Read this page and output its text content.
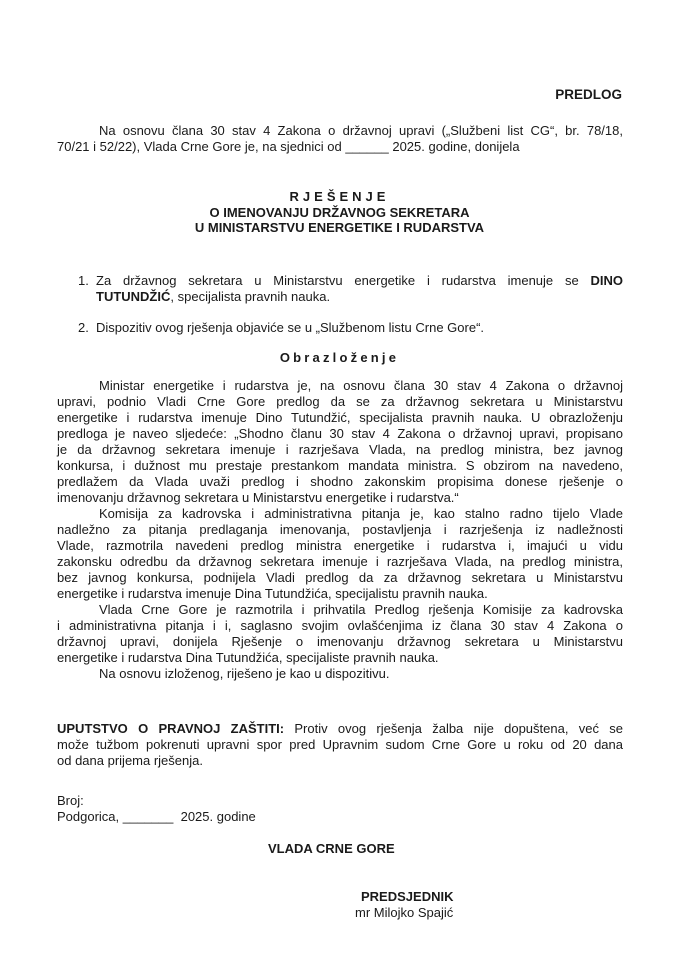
PREDLOG
Na osnovu člana 30 stav 4 Zakona o državnoj upravi („Službeni list CG“, br. 78/18,
70/21 i 52/22), Vlada Crne Gore je, na sjednici od ______ 2025. godine, donijela
RJEŠENJE
O IMENOVANJU DRŽAVNOG SEKRETARA
U MINISTARSTVU ENERGETIKE I RUDARSTVA
1. Za državnog sekretara u Ministarstvu energetike i rudarstva imenuje se DINO
TUTUNDŽIĆ, specijalista pravnih nauka.
2. Dispozitiv ovog rješenja objaviće se u „Službenom listu Crne Gore“.
Obrazloženje
Ministar energetike i rudarstva je, na osnovu člana 30 stav 4 Zakona o državnoj
upravi, podnio Vladi Crne Gore predlog da se za državnog sekretara u Ministarstvu
energetike i rudarstva imenuje Dino Tutundžić, specijalista pravnih nauka. U obrazloženju
predloga je naveo sljedeće: „Shodno članu 30 stav 4 Zakona o državnoj upravi, propisano
je da državnog sekretara imenuje i razrješava Vlada, na predlog ministra, bez javnog
konkursa, i dužnost mu prestaje prestankom mandata ministra. S obzirom na navedeno,
predlažem da Vlada uvaži predlog i shodno zakonskim propisima donese rješenje o
imenovanju državnog sekretara u Ministarstvu energetike i rudarstva.“
Komisija za kadrovska i administrativna pitanja je, kao stalno radno tijelo Vlade
nadležno za pitanja predlaganja imenovanja, postavljenja i razrješenja iz nadležnosti
Vlade, razmotrila navedeni predlog ministra energetike i rudarstva i, imajući u vidu
zakonsku odredbu da državnog sekretara imenuje i razrješava Vlada, na predlog ministra,
bez javnog konkursa, podnijela Vladi predlog da za državnog sekretara u Ministarstvu
energetike i rudarstva imenuje Dina Tutundžića, specijalistu pravnih nauka.
Vlada Crne Gore je razmotrila i prihvatila Predlog rješenja Komisije za kadrovska
i administrativna pitanja i i, saglasno svojim ovlašćenjima iz člana 30 stav 4 Zakona o
državnoj upravi, donijela Rješenje o imenovanju državnog sekretara u Ministarstvu
energetike i rudarstva Dina Tutundžića, specijaliste pravnih nauka.
Na osnovu izloženog, riješeno je kao u dispozitivu.
UPUTSTVO O PRAVNOJ ZAŠTITI: Protiv ovog rješenja žalba nije dopuštena, već se
može tužbom pokrenuti upravni spor pred Upravnim sudom Crne Gore u roku od 20 dana
od dana prijema rješenja.
Broj:
Podgorica, _______  2025. godine
VLADA CRNE GORE
PREDSJEDNIK
mr Milojko Spajić
